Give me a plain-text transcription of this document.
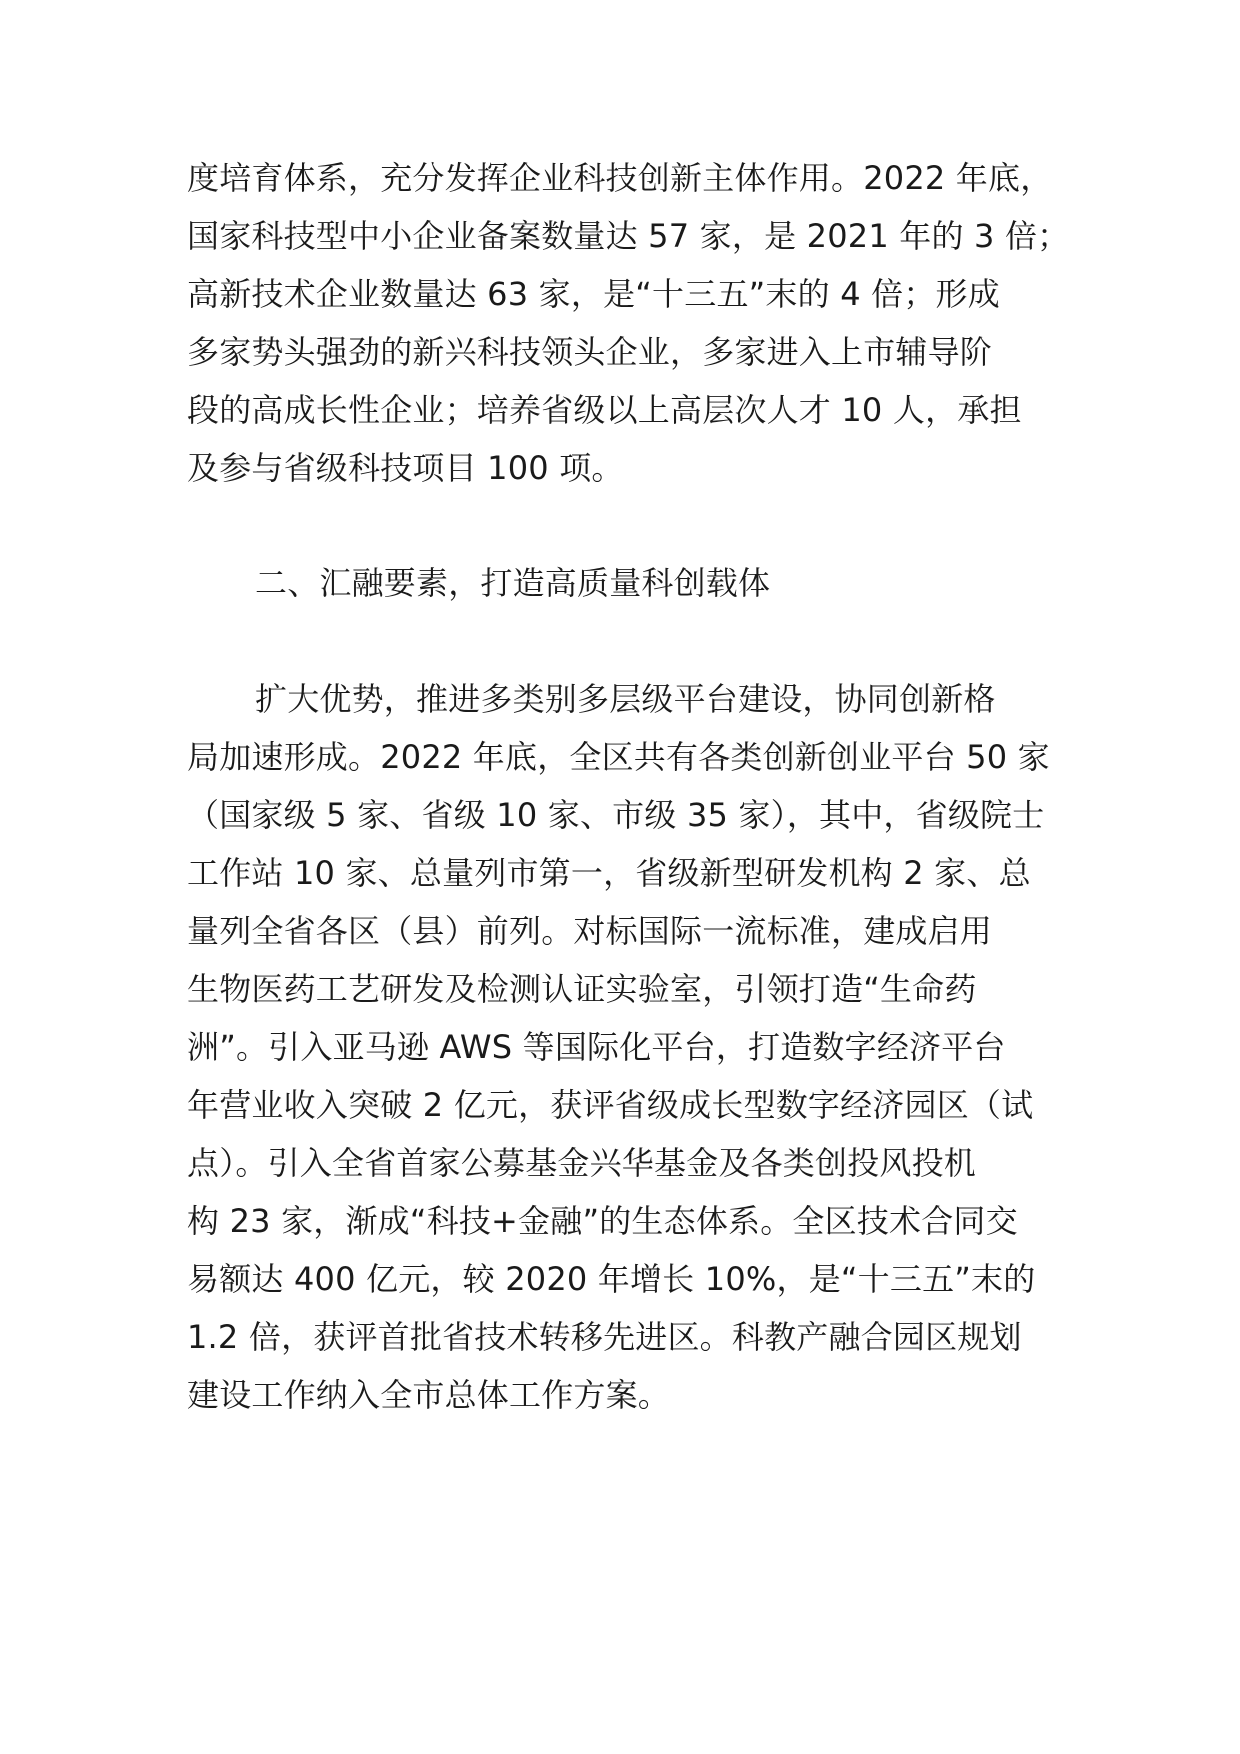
度培育体系，充分发挥企业科技创新主体作用。2022 年底，
国家科技型中小企业备案数量达 57 家，是 2021 年的 3 倍；
高新技术企业数量达 63 家，是“十三五”末的 4 倍；形成
多家势头强劲的新兴科技领头企业，多家进入上市辅导阶
段的高成长性企业；培养省级以上高层次人才 10 人，承担
及参与省级科技项目 100 项。
二、汇融要素，打造高质量科创载体
扩大优势，推进多类别多层级平台建设，协同创新格
局加速形成。2022 年底，全区共有各类创新创业平台 50 家
（国家级 5 家、省级 10 家、市级 35 家），其中，省级院士
工作站 10 家、总量列市第一，省级新型研发机构 2 家、总
量列全省各区（县）前列。对标国际一流标准，建成启用
生物医药工艺研发及检测认证实验室，引领打造“生命药
洲”。引入亚马逊 AWS 等国际化平台，打造数字经济平台
年营业收入突破 2 亿元，获评省级成长型数字经济园区（试
点）。引入全省首家公募基金兴华基金及各类创投风投机
构 23 家，渐成“科技+金融”的生态体系。全区技术合同交
易额达 400 亿元，较 2020 年增长 10%，是“十三五”末的
1.2 倍，获评首批省技术转移先进区。科教产融合园区规划
建设工作纳入全市总体工作方案。
